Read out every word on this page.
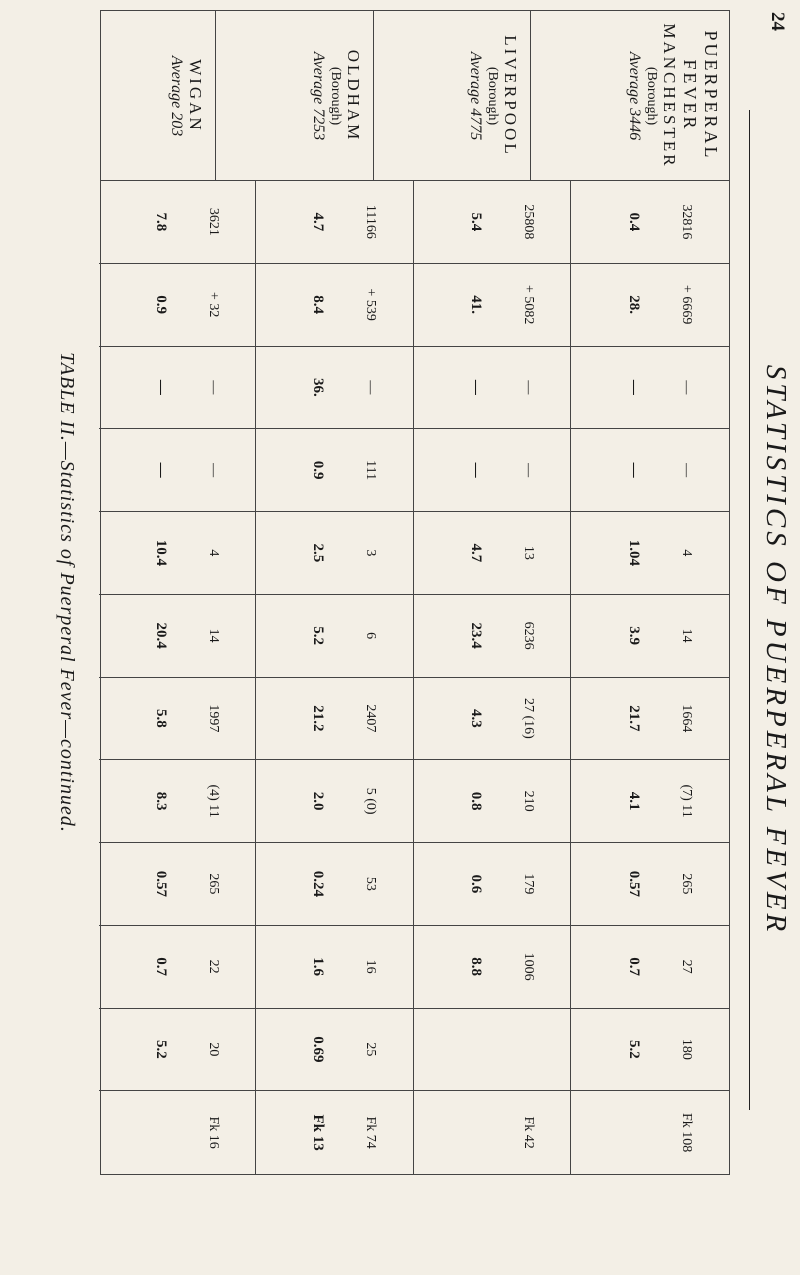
24
STATISTICS OF PUERPERAL FEVER
PUERPERAL FEVER
MANCHESTER
(Borough)
Average 3446
32816
0.4
+ 6669
28.
—
—
—
—
4
1.04
14
3.9
1664
21.7
(7) 11
4.1
265
0.57
27
0.7
180
5.2
Fk 108
LIVERPOOL
(Borough)
Average 4775
25808
5.4
+ 5082
41.
—
—
—
—
13
4.7
6236
23.4
27 (16)
4.3
210
0.8
179
0.6
1006
8.8
Fk 42
OLDHAM
(Borough)
Average 7253
11166
4.7
+ 539
8.4
—
36.
111
0.9
3
2.5
6
5.2
2407
21.2
5 (0)
2.0
53
0.24
16
1.6
25
0.69
Fk 74
Fk 13
WIGAN
Average 203
3621
7.8
+ 32
0.9
—
—
—
—
4
10.4
14
20.4
1997
5.8
(4) 11
8.3
265
0.57
22
0.7
20
5.2
Fk 16
TABLE II.—Statistics of Puerperal Fever—continued.
